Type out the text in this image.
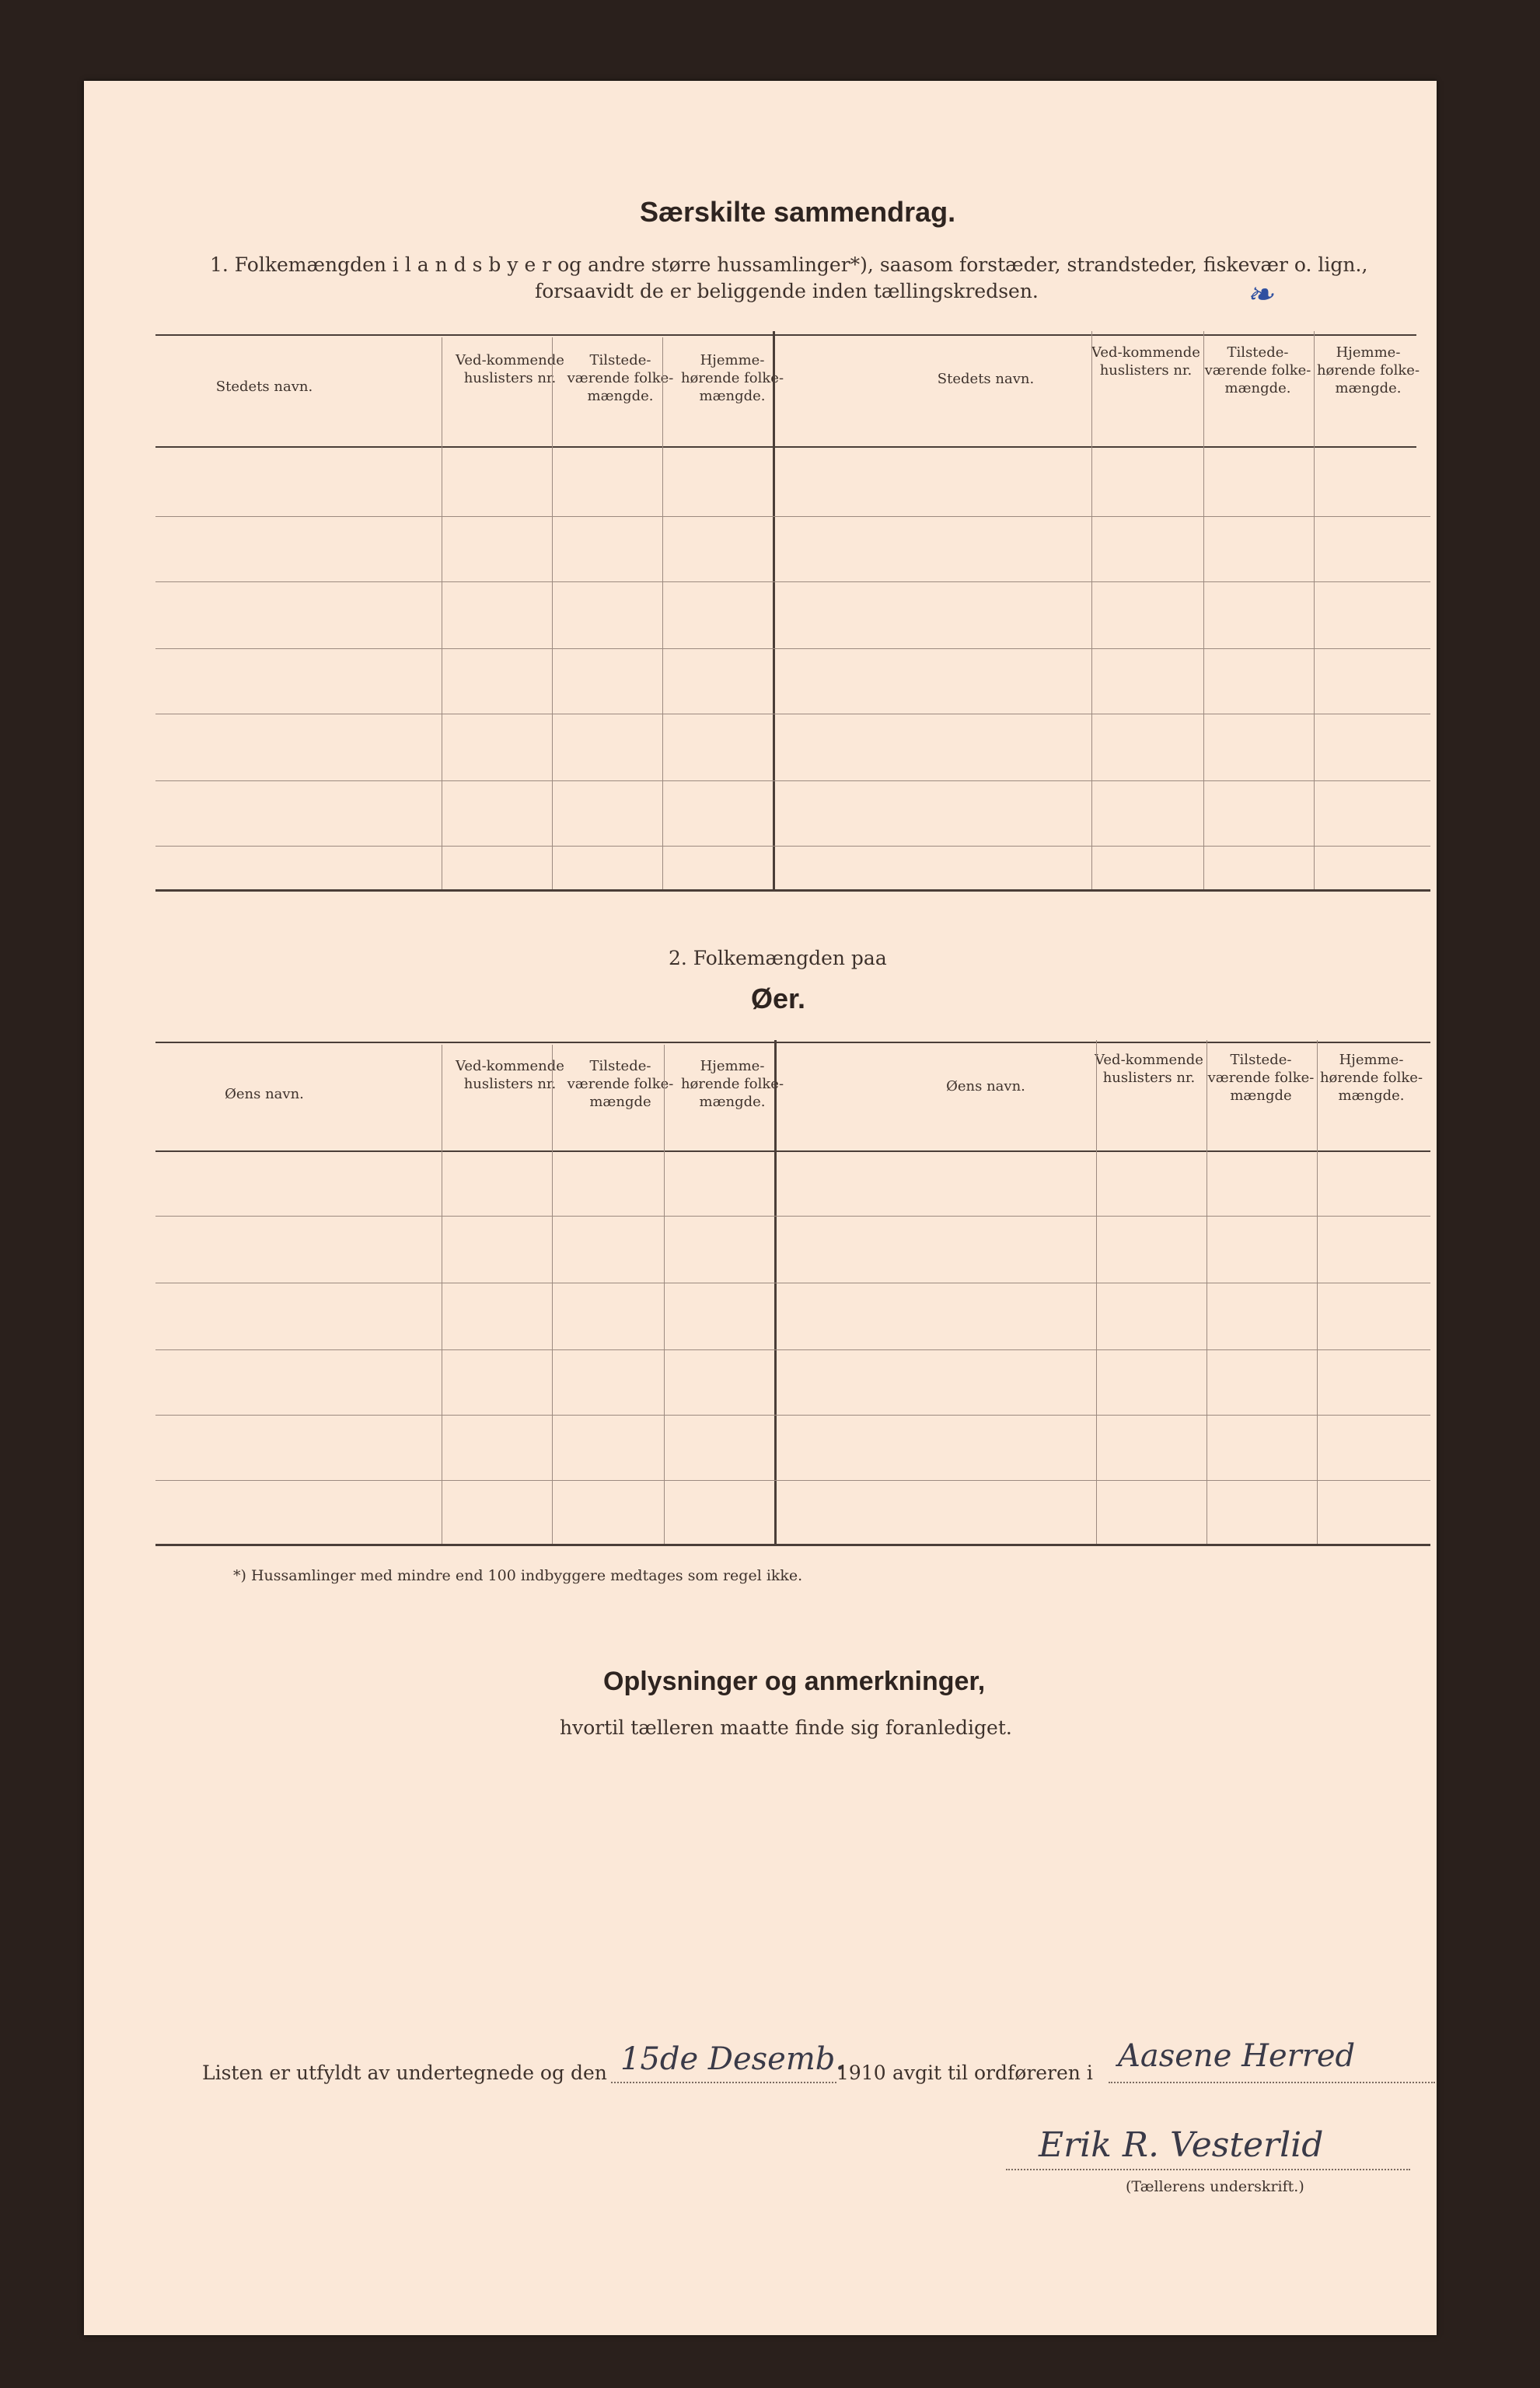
Særskilte sammendrag.
1. Folkemængden i l a n d s b y e r og andre større hussamlinger*), saasom forstæder, strandsteder, fiskevær o. lign.,
forsaavidt de er beliggende inden tællingskredsen.	❧
Stedets navn.
Ved-kommende huslisters nr.
Tilstede-værende folke-mængde.
Hjemme-hørende folke-mængde.
Stedets navn.
Ved-kommende huslisters nr.
Tilstede-værende folke-mængde.
Hjemme-hørende folke-mængde.
2. Folkemængden paa
Øer.
Øens navn.
Ved-kommende huslisters nr.
Tilstede-værende folke-mængde
Hjemme-hørende folke-mængde.
Øens navn.
Ved-kommende huslisters nr.
Tilstede-værende folke-mængde
Hjemme-hørende folke-mængde.
*) Hussamlinger med mindre end 100 indbyggere medtages som regel ikke.
Oplysninger og anmerkninger,
hvortil tælleren maatte finde sig foranlediget.
Listen er utfyldt av undertegnede og den 15de Desemb.
1910 avgit til ordføreren i Aasene Herred
Erik R. Vesterlid
(Tællerens underskrift.)
